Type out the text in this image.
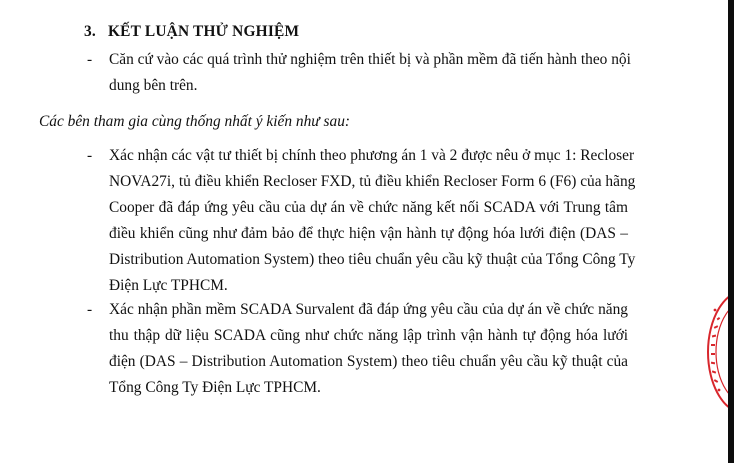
3. KẾT LUẬN THỬ NGHIỆM
- Căn cứ vào các quá trình thử nghiệm trên thiết bị và phần mềm đã tiến hành theo nội
dung bên trên.
Các bên tham gia cùng thống nhất ý kiến như sau:
- Xác nhận các vật tư thiết bị chính theo phương án 1 và 2 được nêu ở mục 1: Recloser
NOVA27i, tủ điều khiển Recloser FXD, tủ điều khiển Recloser Form 6 (F6) của hãng
Cooper đã đáp ứng yêu cầu của dự án về chức năng kết nối SCADA với Trung tâm
điều khiển cũng như đảm bảo để thực hiện vận hành tự động hóa lưới điện (DAS –
Distribution Automation System) theo tiêu chuẩn yêu cầu kỹ thuật của Tổng Công Ty
Điện Lực TPHCM.
- Xác nhận phần mềm SCADA Survalent đã đáp ứng yêu cầu của dự án về chức năng
thu thập dữ liệu SCADA cũng như chức năng lập trình vận hành tự động hóa lưới
điện (DAS – Distribution Automation System) theo tiêu chuẩn yêu cầu kỹ thuật của
Tổng Công Ty Điện Lực TPHCM.
